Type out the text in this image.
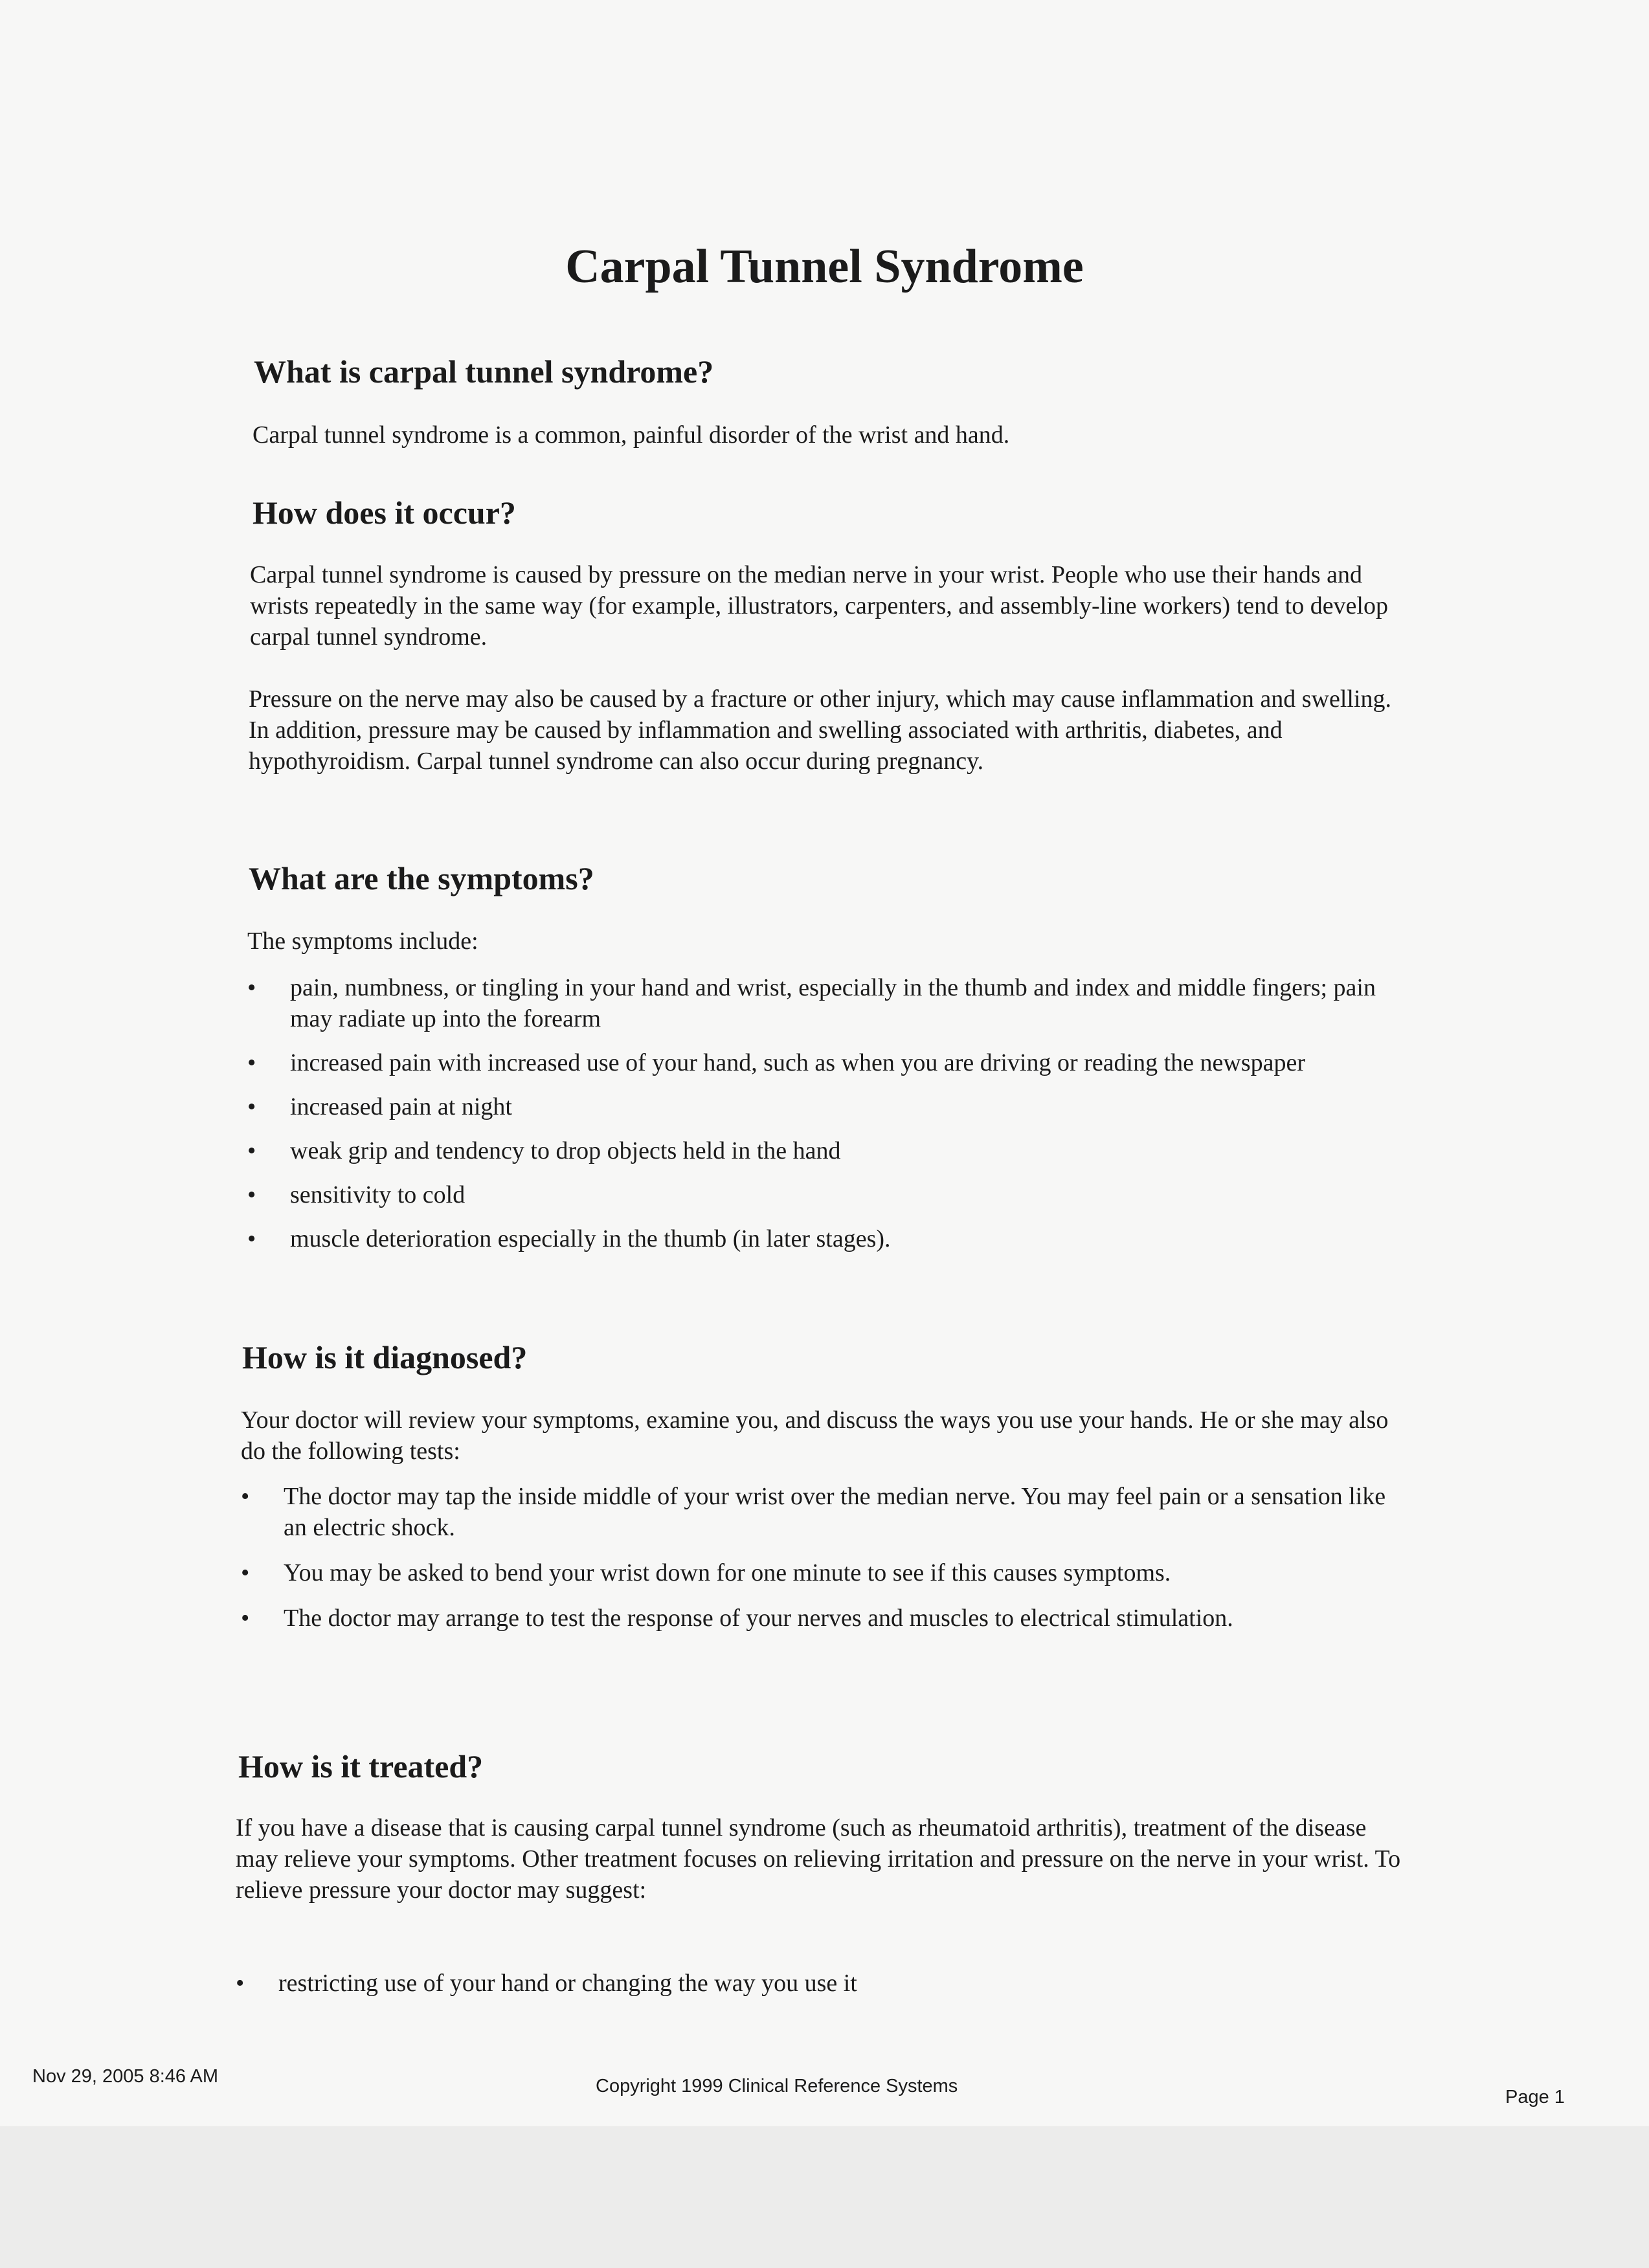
Carpal Tunnel Syndrome
What is carpal tunnel syndrome?
Carpal tunnel syndrome is a common, painful disorder of the wrist and hand.
How does it occur?
Carpal tunnel syndrome is caused by pressure on the median nerve in your wrist. People who use their hands and wrists repeatedly in the same way (for example, illustrators, carpenters, and assembly-line workers) tend to develop carpal tunnel syndrome.
Pressure on the nerve may also be caused by a fracture or other injury, which may cause inflammation and swelling. In addition, pressure may be caused by inflammation and swelling associated with arthritis, diabetes, and hypothyroidism. Carpal tunnel syndrome can also occur during pregnancy.
What are the symptoms?
The symptoms include:
• pain, numbness, or tingling in your hand and wrist, especially in the thumb and index and middle fingers; pain may radiate up into the forearm
• increased pain with increased use of your hand, such as when you are driving or reading the newspaper
• increased pain at night
• weak grip and tendency to drop objects held in the hand
• sensitivity to cold
• muscle deterioration especially in the thumb (in later stages).
How is it diagnosed?
Your doctor will review your symptoms, examine you, and discuss the ways you use your hands. He or she may also do the following tests:
• The doctor may tap the inside middle of your wrist over the median nerve. You may feel pain or a sensation like an electric shock.
• You may be asked to bend your wrist down for one minute to see if this causes symptoms.
• The doctor may arrange to test the response of your nerves and muscles to electrical stimulation.
How is it treated?
If you have a disease that is causing carpal tunnel syndrome (such as rheumatoid arthritis), treatment of the disease may relieve your symptoms. Other treatment focuses on relieving irritation and pressure on the nerve in your wrist. To relieve pressure your doctor may suggest:
• restricting use of your hand or changing the way you use it
Nov 29, 2005 8:46 AM	Copyright 1999 Clinical Reference Systems
Page 1
